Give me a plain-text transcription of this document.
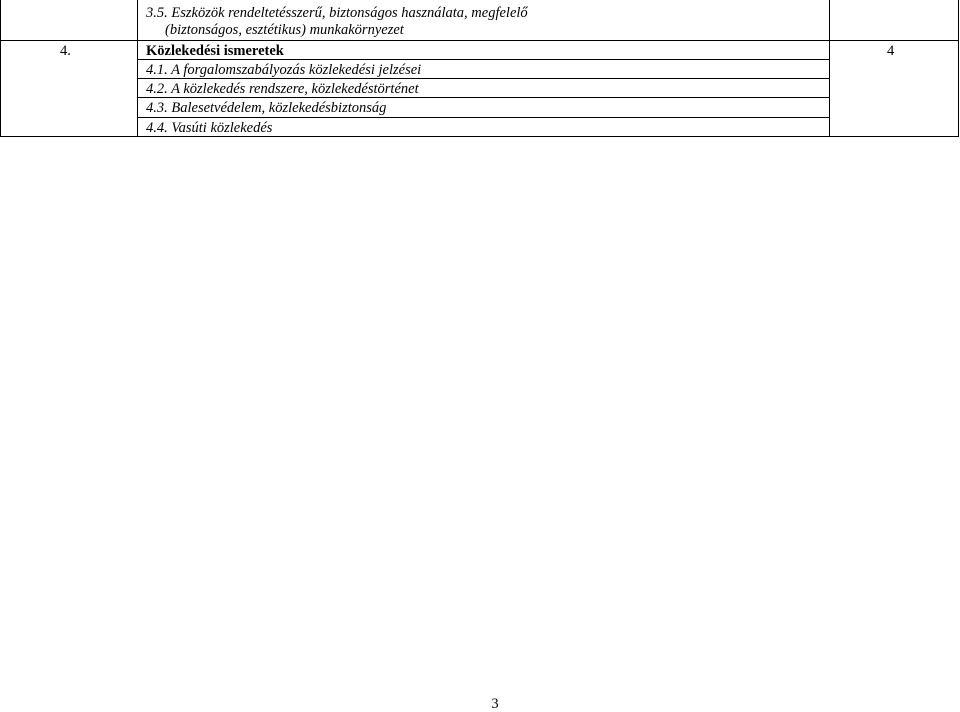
3.5. Eszközök rendeltetésszerű, biztonságos használata, megfelelő
(biztonságos, esztétikus) munkakörnyezet
4.	Közlekedési ismeretek	4
4.1. A forgalomszabályozás közlekedési jelzései
4.2. A közlekedés rendszere, közlekedéstörténet
4.3. Balesetvédelem, közlekedésbiztonság
4.4. Vasúti közlekedés
3
